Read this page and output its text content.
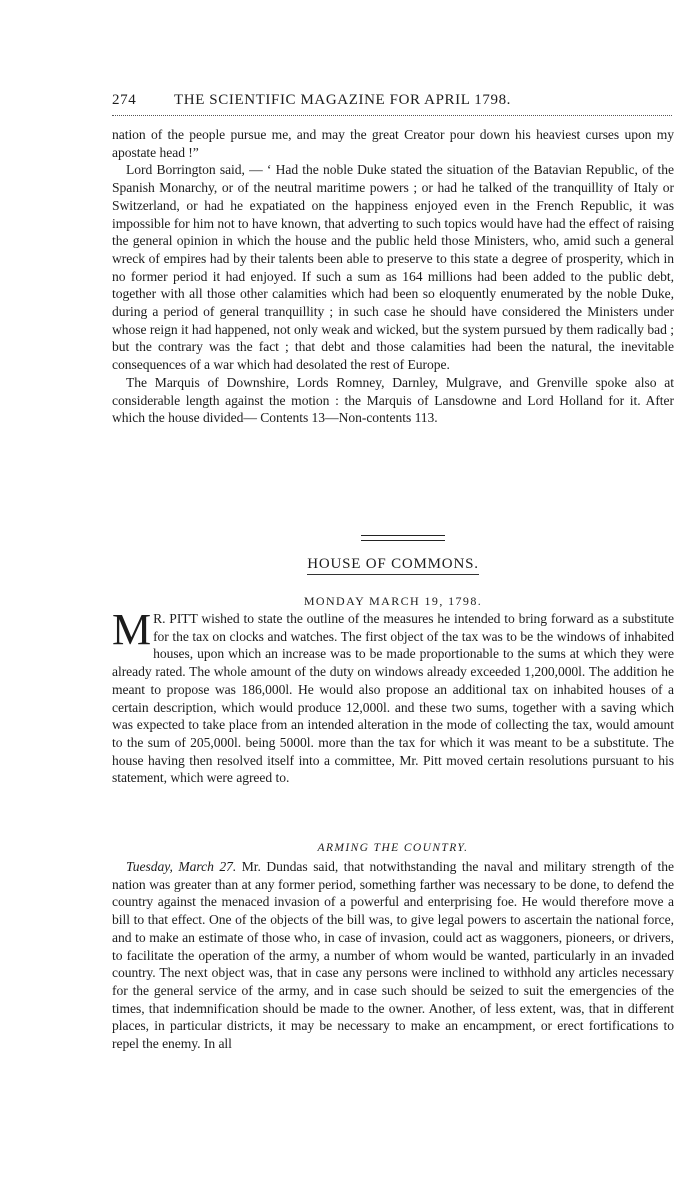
274	THE SCIENTIFIC MAGAZINE FOR APRIL 1798.

nation of the people pursue me, and may the great Creator pour down his heaviest curses upon my apostate head !”

Lord Borrington said, — ‘ Had the noble Duke stated the situation of the Batavian Republic, of the Spanish Monarchy, or of the neutral maritime powers ; or had he talked of the tranquillity of Italy or Switzerland, or had he expatiated on the happiness enjoyed even in the French Republic, it was impossible for him not to have known, that adverting to such topics would have had the effect of raising the general opinion in which the house and the public held those Ministers, who, amid such a general wreck of empires had by their talents been able to preserve to this state a degree of prosperity, which in no former period it had enjoyed. If such a sum as 164 millions had been added to the public debt, together with all those other calamities which had been so eloquently enumerated by the noble Duke, during a period of general tranquillity ; in such case he should have considered the Ministers under whose reign it had happened, not only weak and wicked, but the system pursued by them radically bad ; but the contrary was the fact ; that debt and those calamities had been the natural, the inevitable consequences of a war which had desolated the rest of Europe.

The Marquis of Downshire, Lords Romney, Darnley, Mulgrave, and Grenville spoke also at considerable length against the motion : the Marquis of Lansdowne and Lord Holland for it. After which the house divided— Contents 13—Non-contents 113.

HOUSE OF COMMONS.
MONDAY MARCH 19, 1798.

M R. PITT wished to state the outline of the measures he intended to bring forward as a substitute for the tax on clocks and watches. The first object of the tax was to be the windows of inhabited houses, upon which an increase was to be made proportionable to the sums at which they were already rated. The whole amount of the duty on windows already exceeded 1,200,000l. The addition he meant to propose was 186,000l. He would also propose an additional tax on inhabited houses of a certain description, which would produce 12,000l. and these two sums, together with a saving which was expected to take place from an intended alteration in the mode of collecting the tax, would amount to the sum of 205,000l. being 5000l. more than the tax for which it was meant to be a substitute. The house having then resolved itself into a committee, Mr. Pitt moved certain resolutions pursuant to his statement, which were agreed to.

ARMING THE COUNTRY.

Tuesday, March 27. Mr. Dundas said, that notwithstanding the naval and military strength of the nation was greater than at any former period, something farther was necessary to be done, to defend the country against the menaced invasion of a powerful and enterprising foe. He would therefore move a bill to that effect. One of the objects of the bill was, to give legal powers to ascertain the national force, and to make an estimate of those who, in case of invasion, could act as waggoners, pioneers, or drivers, to facilitate the operation of the army, a number of whom would be wanted, particularly in an invaded country. The next object was, that in case any persons were inclined to withhold any articles necessary for the general service of the army, and in case such should be seized to suit the emergencies of the times, that indemnification should be made to the owner. Another, of less extent, was, that in different places, in particular districts, it may be necessary to make an encampment, or erect fortifications to repel the enemy. In all
